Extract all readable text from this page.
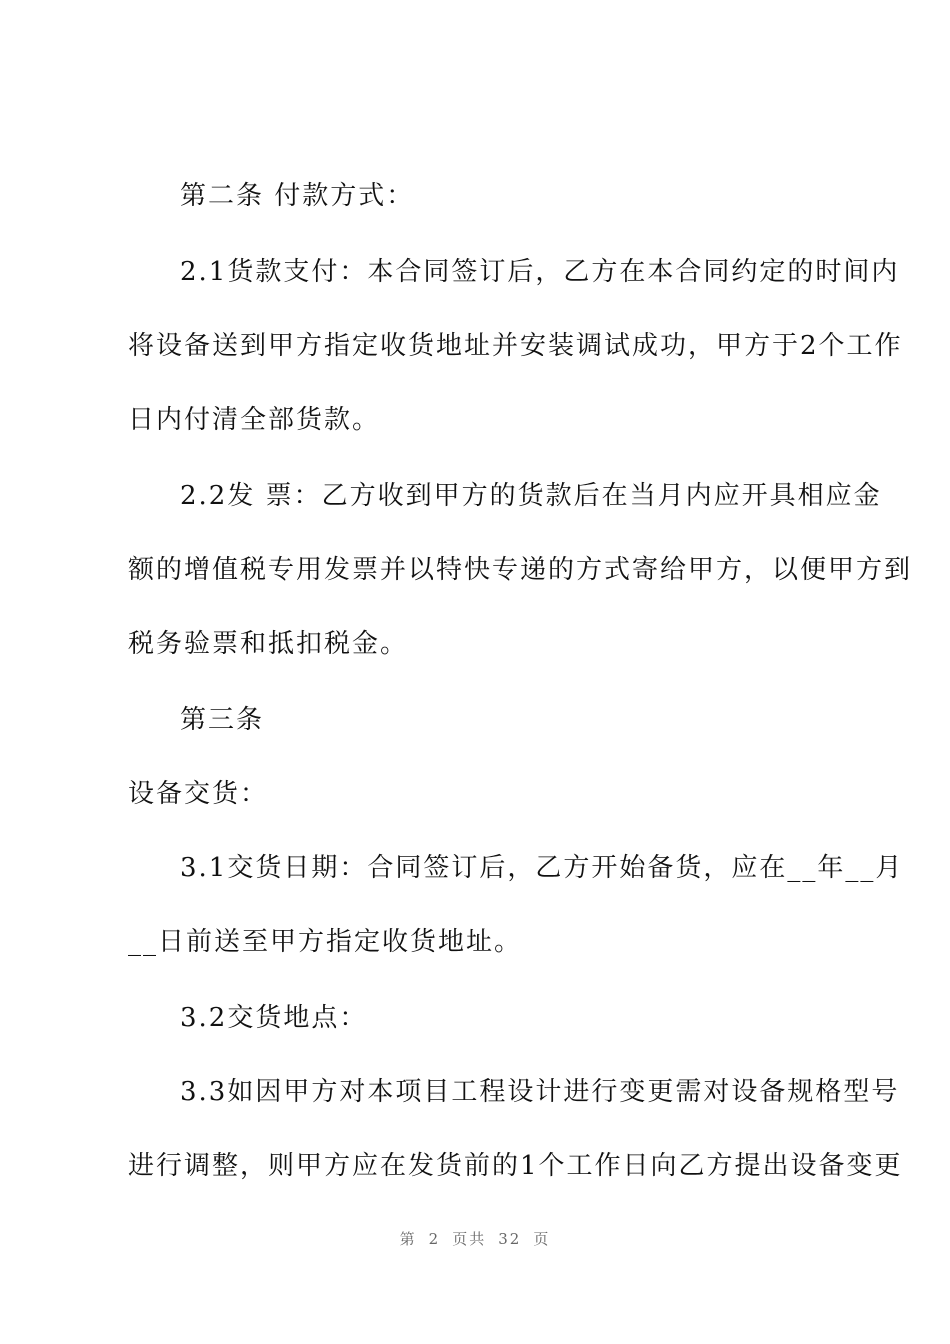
第二条 付款方式：
2.1货款支付：本合同签订后，乙方在本合同约定的时间内
将设备送到甲方指定收货地址并安装调试成功，甲方于2个工作
日内付清全部货款。
2.2发 票：乙方收到甲方的货款后在当月内应开具相应金
额的增值税专用发票并以特快专递的方式寄给甲方，以便甲方到
税务验票和抵扣税金。
第三条
设备交货：
3.1交货日期：合同签订后，乙方开始备货，应在__年__月
__日前送至甲方指定收货地址。
3.2交货地点：
3.3如因甲方对本项目工程设计进行变更需对设备规格型号
进行调整，则甲方应在发货前的1个工作日向乙方提出设备变更
第 2 页共 32 页
